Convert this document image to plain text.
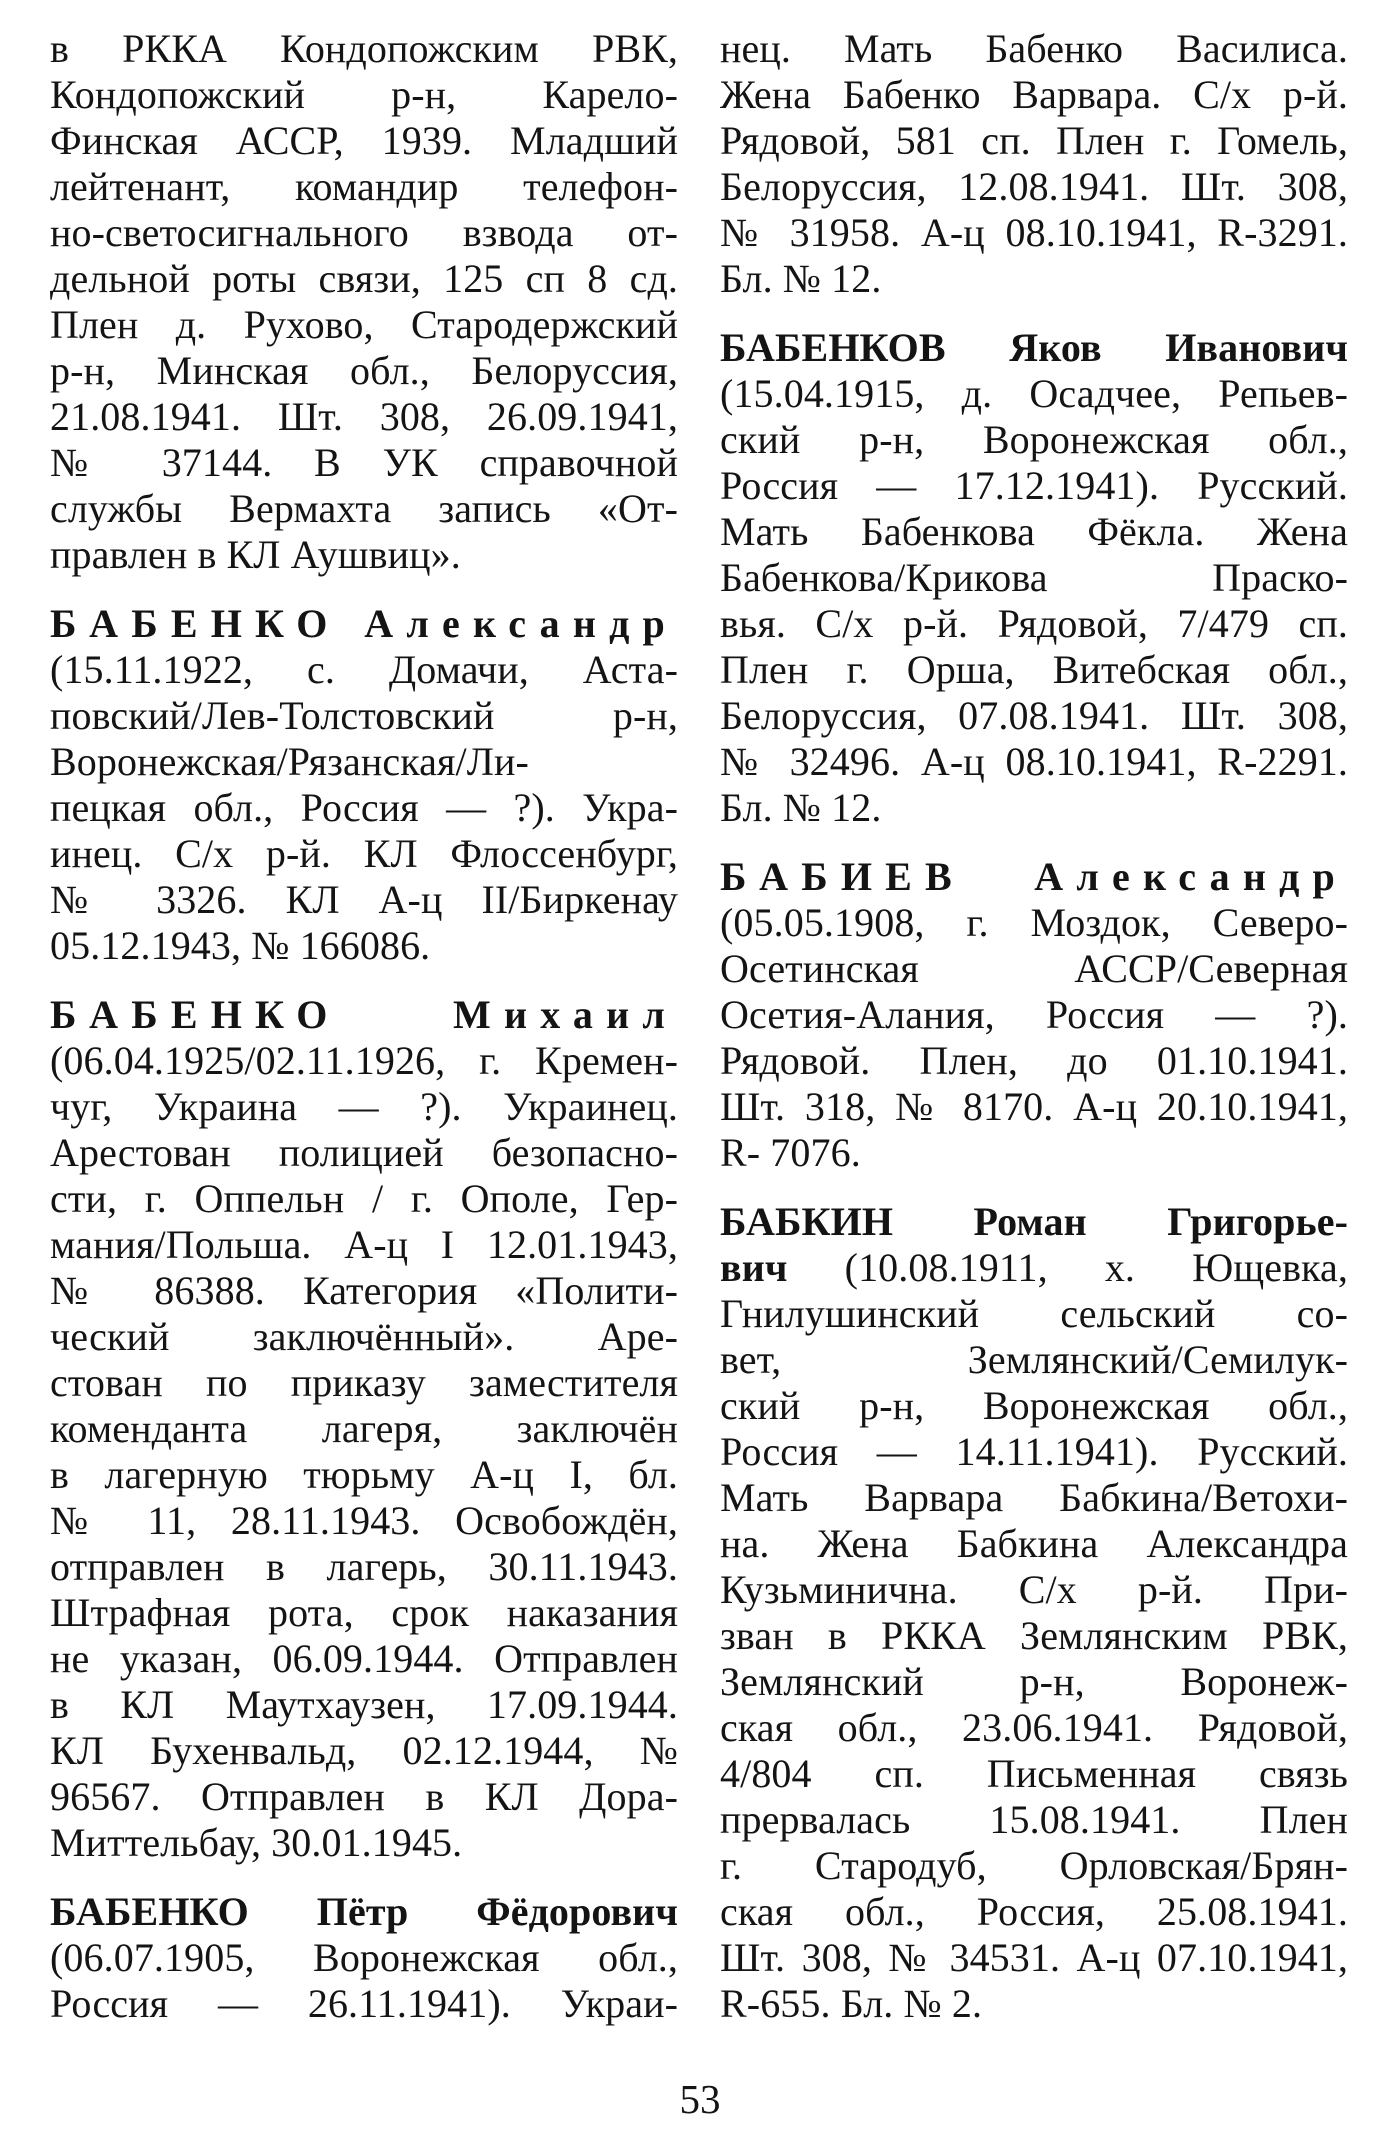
в РККА Кондопожским РВК,
Кондопожский р-н, Карело-
Финская АССР, 1939. Младший
лейтенант, командир телефон-
но-светосигнального взвода от-
дельной роты связи, 125 сп 8 сд.
Плен д. Рухово, Стародержский
р-н, Минская обл., Белоруссия,
21.08.1941. Шт. 308, 26.09.1941,
№ 37144. В УК справочной
службы Вермахта запись «От-
правлен в КЛ Аушвиц».
БАБЕНКО Александр
(15.11.1922, с. Домачи, Аста-
повский/Лев-Толстовский р-н,
Воронежская/Рязанская/Ли-
пецкая обл., Россия — ?). Укра-
инец. С/х р-й. КЛ Флоссенбург,
№ 3326. КЛ А-ц II/Биркенау
05.12.1943, № 166086.
БАБЕНКО Михаил
(06.04.1925/02.11.1926, г. Кремен-
чуг, Украина — ?). Украинец.
Арестован полицией безопасно-
сти, г. Оппельн / г. Ополе, Гер-
мания/Польша. А-ц I 12.01.1943,
№ 86388. Категория «Полити-
ческий заключённый». Аре-
стован по приказу заместителя
коменданта лагеря, заключён
в лагерную тюрьму А-ц I, бл.
№ 11, 28.11.1943. Освобождён,
отправлен в лагерь, 30.11.1943.
Штрафная рота, срок наказания
не указан, 06.09.1944. Отправлен
в КЛ Маутхаузен, 17.09.1944.
КЛ Бухенвальд, 02.12.1944, №
96567. Отправлен в КЛ Дора-
Миттельбау, 30.01.1945.
БАБЕНКО Пётр Фёдорович
(06.07.1905, Воронежская обл.,
Россия — 26.11.1941). Украи-
нец. Мать Бабенко Василиса.
Жена Бабенко Варвара. С/х р-й.
Рядовой, 581 сп. Плен г. Гомель,
Белоруссия, 12.08.1941. Шт. 308,
№ 31958. А-ц 08.10.1941, R-3291.
Бл. № 12.
БАБЕНКОВ Яков Иванович
(15.04.1915, д. Осадчее, Репьев-
ский р-н, Воронежская обл.,
Россия — 17.12.1941). Русский.
Мать Бабенкова Фёкла. Жена
Бабенкова/Крикова Праско-
вья. С/х р-й. Рядовой, 7/479 сп.
Плен г. Орша, Витебская обл.,
Белоруссия, 07.08.1941. Шт. 308,
№ 32496. А-ц 08.10.1941, R-2291.
Бл. № 12.
БАБИЕВ Александр
(05.05.1908, г. Моздок, Северо-
Осетинская АССР/Северная
Осетия-Алания, Россия — ?).
Рядовой. Плен, до 01.10.1941.
Шт. 318, № 8170. А-ц 20.10.1941,
R- 7076.
БАБКИН Роман Григорье-
вич (10.08.1911, х. Ющевка,
Гнилушинский сельский со-
вет, Землянский/Семилук-
ский р-н, Воронежская обл.,
Россия — 14.11.1941). Русский.
Мать Варвара Бабкина/Ветохи-
на. Жена Бабкина Александра
Кузьминична. С/х р-й. При-
зван в РККА Землянским РВК,
Землянский р-н, Воронеж-
ская обл., 23.06.1941. Рядовой,
4/804 сп. Письменная связь
прервалась 15.08.1941. Плен
г. Стародуб, Орловская/Брян-
ская обл., Россия, 25.08.1941.
Шт. 308, № 34531. А-ц 07.10.1941,
R-655. Бл. № 2.
53
